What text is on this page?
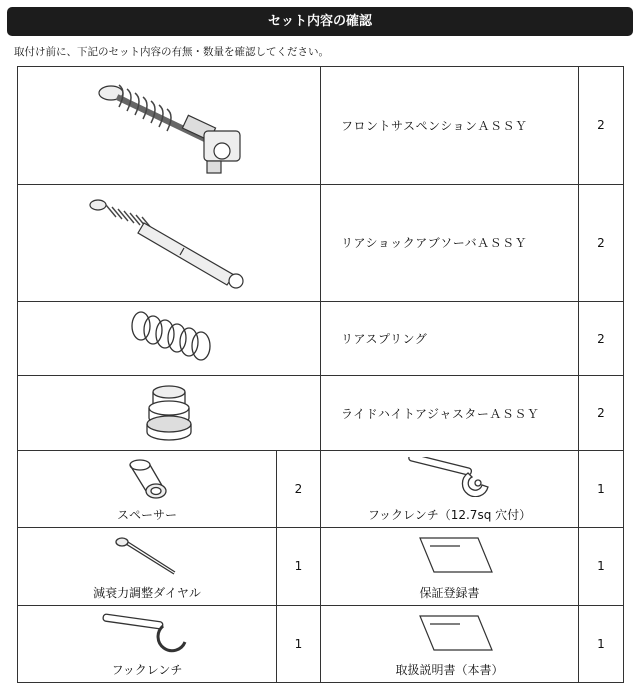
セット内容の確認
取付け前に、下記のセット内容の有無・数量を確認してください。
	フロントサスペンションＡＳＳＹ	2

	リアショックアブソーバＡＳＳＹ	2

	リアスプリング	2

	ライドハイトアジャスターＡＳＳＹ	2

スペーサー	2	フックレンチ（12.7sq 穴付）	1

減衰力調整ダイヤル	1	保証登録書	1

フックレンチ	1	取扱説明書（本書）	1
